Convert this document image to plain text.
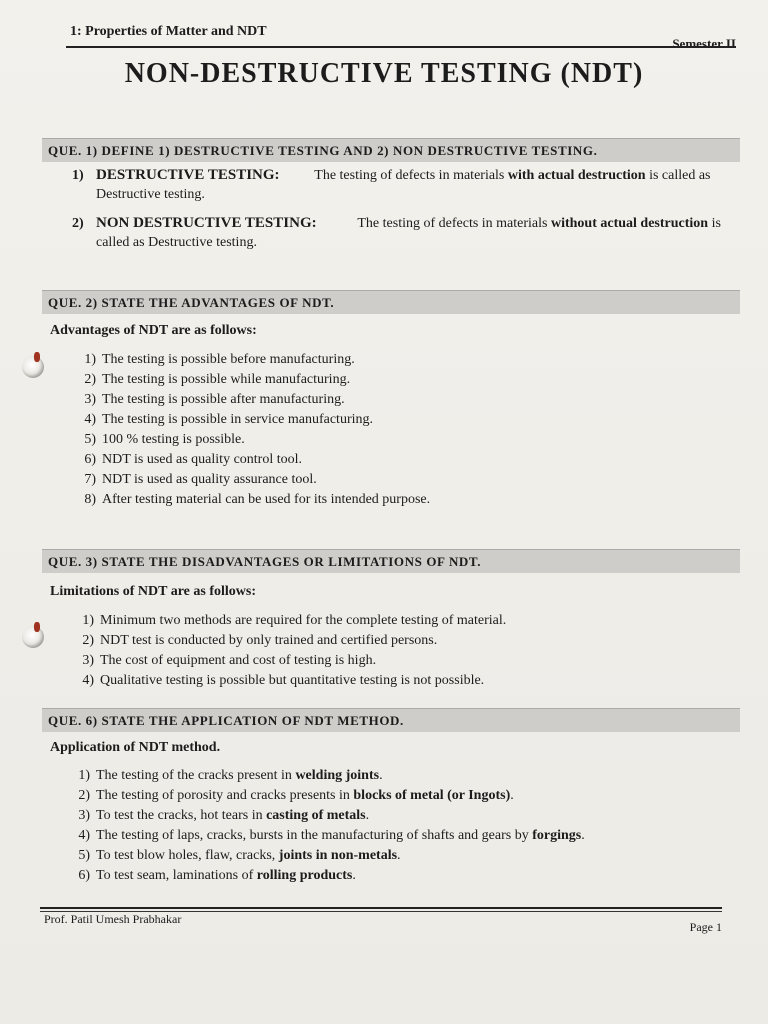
1: Properties of Matter and NDT
Semester II
NON-DESTRUCTIVE TESTING (NDT)
QUE. 1) DEFINE 1) DESTRUCTIVE TESTING AND 2) NON DESTRUCTIVE TESTING.
1) DESTRUCTIVE TESTING: The testing of defects in materials with actual destruction is called as Destructive testing.
2) NON DESTRUCTIVE TESTING:	The testing of defects in materials without actual destruction is called as Destructive testing.
QUE. 2) STATE THE ADVANTAGES OF NDT.
Advantages of NDT are as follows:
1) The testing is possible before manufacturing.
2) The testing is possible while manufacturing.
3) The testing is possible after manufacturing.
4) The testing is possible in service manufacturing.
5) 100 % testing is possible.
6) NDT is used as quality control tool.
7) NDT is used as quality assurance tool.
8) After testing material can be used for its intended purpose.
QUE. 3) STATE THE DISADVANTAGES OR LIMITATIONS OF NDT.
Limitations of NDT are as follows:
1) Minimum two methods are required for the complete testing of material.
2) NDT test is conducted by only trained and certified persons.
3) The cost of equipment and cost of testing is high.
4) Qualitative testing is possible but quantitative testing is not possible.
QUE. 6) STATE THE APPLICATION OF NDT METHOD.
Application of NDT method.
1) The testing of the cracks present in welding joints.
2) The testing of porosity and cracks presents in blocks of metal (or Ingots).
3) To test the cracks, hot tears in casting of metals.
4) The testing of laps, cracks, bursts in the manufacturing of shafts and gears by forgings.
5) To test blow holes, flaw, cracks, joints in non-metals.
6) To test seam, laminations of rolling products.
Prof. Patil Umesh Prabhakar
Page 1
